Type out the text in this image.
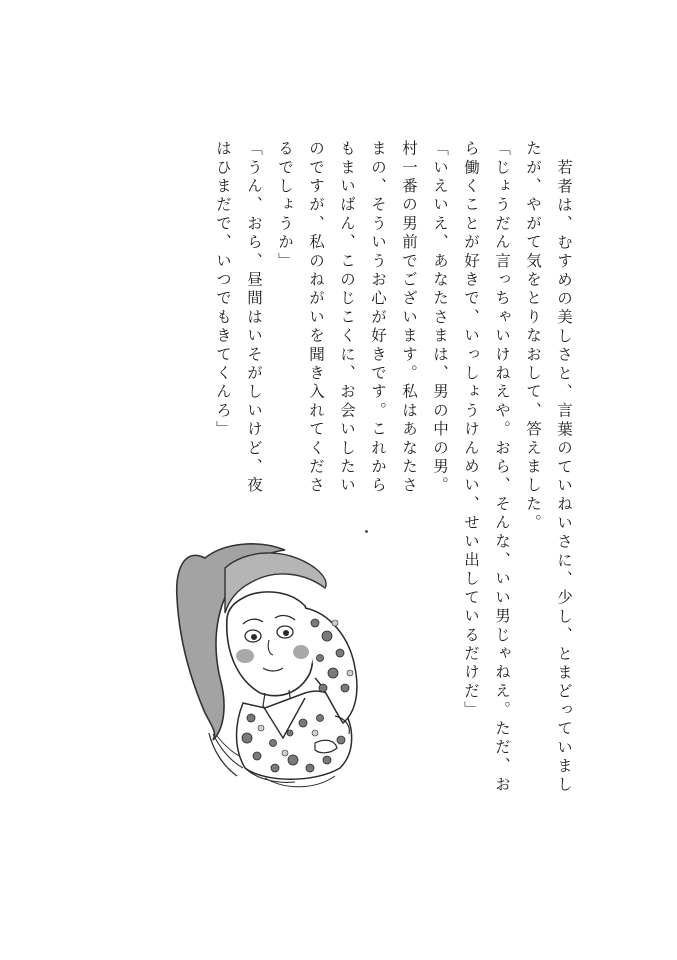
若者は、むすめの美しさと、言葉のていねいさに、少し、とまどっていまし

たが、やがて気をとりなおして、答えました。

「じょうだん言っちゃいけねえや。おら、そんな、いい男じゃねえ。ただ、お

ら働くことが好きで、いっしょうけんめい、せい出しているだけだ」

「いえいえ、あなたさまは、男の中の男。

村一番の男前でございます。私はあなたさ

まの、そういうお心が好きです。これから

もまいばん、このじこくに、お会いしたい

のですが、私のねがいを聞き入れてくださ

るでしょうか」

「うん、おら、昼間はいそがしいけど、夜

はひまだで、いつでもきてくんろ」
